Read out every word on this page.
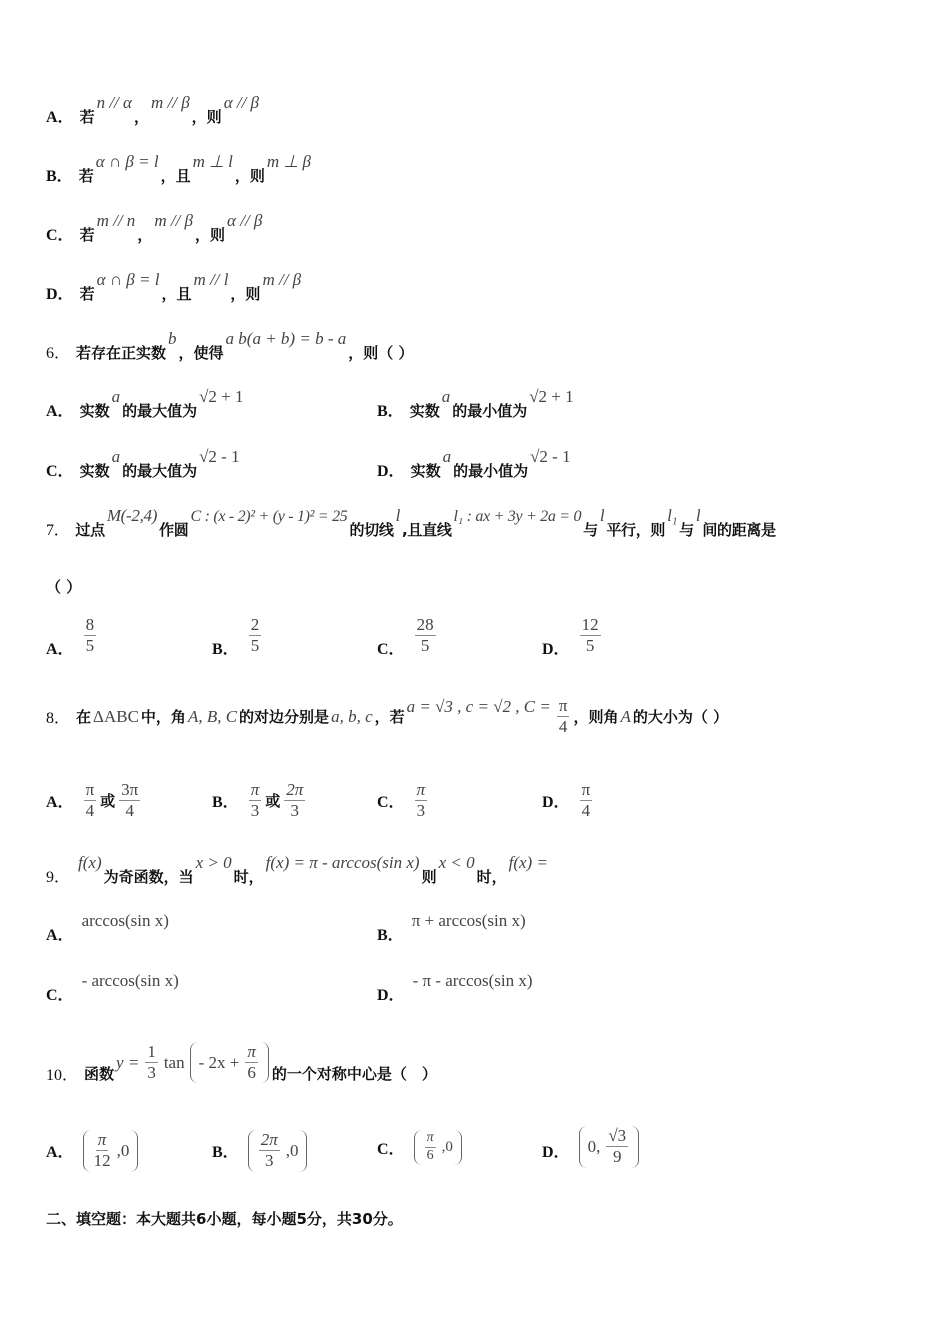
A． 若
n // α
，
m // β
，则
α // β
B． 若
α ∩ β = l
，且
m ⊥ l
，则
m ⊥ β
C． 若
m // n
，
m // β
，则
α // β
D． 若
α ∩ β = l
，且
m // l
，则
m // β
6． 若存在正实数
b
，使得
a b(a + b) = b - a
，则（ ）
A． 实数
a
的最大值为
√2 + 1
B． 实数
a
的最小值为
√2 + 1
C． 实数
a
的最大值为
√2 - 1
D． 实数
a
的最小值为
√2 - 1
7． 过点
M(-2,4)
作圆
C : (x - 2)² + (y - 1)² = 25
的切线
l
,且直线
l₁ : ax + 3y + 2a = 0
与
l
平行，则
l₁
与
l
间的距离是
（ ）
A． $\frac{8}{5}$	B． $\frac{2}{5}$	C． $\frac{28}{5}$	D． $\frac{12}{5}$
8． 在 ΔABC 中，角 A, B, C 的对边分别是 a, b, c ，若
a = √3 , c = √2 , $C = \frac{\pi}{4}$ ，则角 A 的大小为（ ）
A． $\frac{\pi}{4}$ 或 $\frac{3\pi}{4}$	B． $\frac{\pi}{3}$ 或 $\frac{2\pi}{3}$	C． $\frac{\pi}{3}$	D． $\frac{\pi}{4}$
9．
f(x)
为奇函数，当
x > 0
时，
f(x) = π - arccos(sin x)
则
x < 0
时，
f(x) =
A．
arccos(sin x)
B．
π + arccos(sin x)
C．
- arccos(sin x)
D．
- π - arccos(sin x)
10． 函数
$y = \frac{1}{3}$ $\tan - 2x + \frac{\pi}{6}$ 的一个对称中心是（　）
A． $\frac{\pi}{12} ,0$	B． $\frac{2\pi}{3} ,0$	C． $\frac{\pi}{6} ,0$	D． 0, $\frac{√3}{9}$
二、填空题：本大题共6小题，每小题5分，共30分。
